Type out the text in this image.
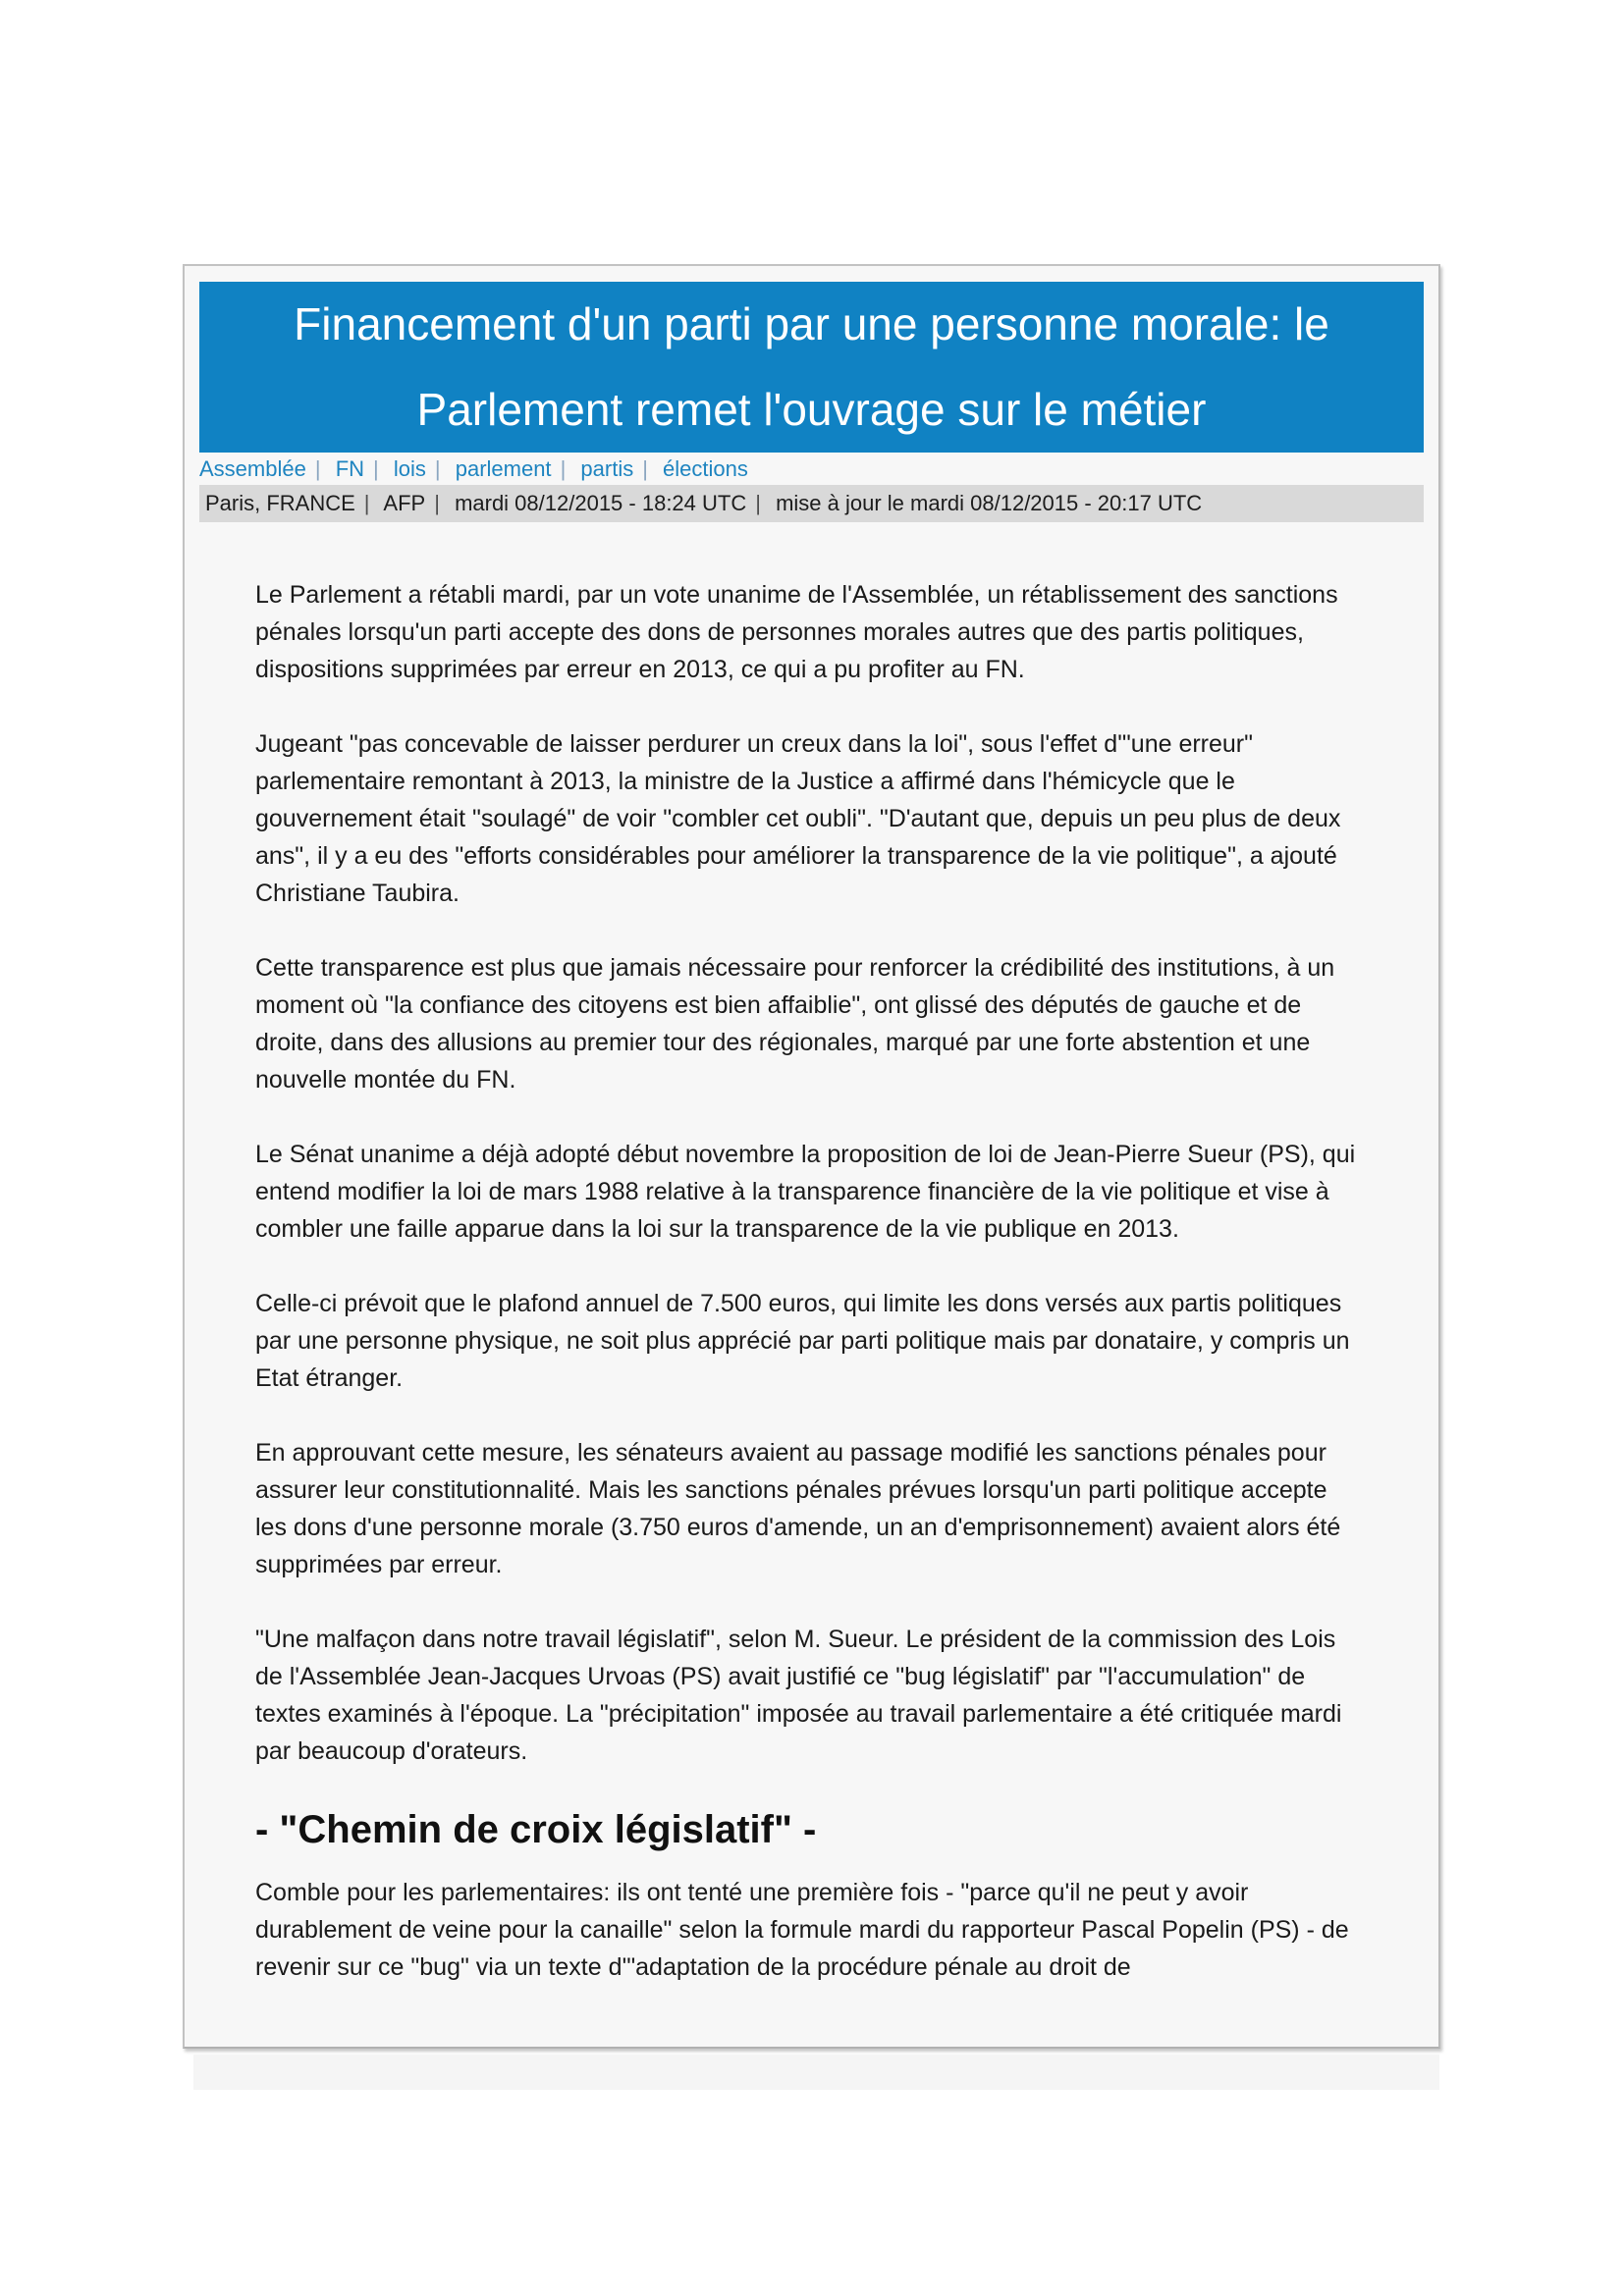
Financement d'un parti par une personne morale: le Parlement remet l'ouvrage sur le métier
Assemblée | FN | lois | parlement | partis | élections
Paris, FRANCE | AFP | mardi 08/12/2015 - 18:24 UTC | mise à jour le mardi 08/12/2015 - 20:17 UTC

Le Parlement a rétabli mardi, par un vote unanime de l'Assemblée, un rétablissement des sanctions pénales lorsqu'un parti accepte des dons de personnes morales autres que des partis politiques, dispositions supprimées par erreur en 2013, ce qui a pu profiter au FN.

Jugeant "pas concevable de laisser perdurer un creux dans la loi", sous l'effet d'"une erreur" parlementaire remontant à 2013, la ministre de la Justice a affirmé dans l'hémicycle que le gouvernement était "soulagé" de voir "combler cet oubli". "D'autant que, depuis un peu plus de deux ans", il y a eu des "efforts considérables pour améliorer la transparence de la vie politique", a ajouté Christiane Taubira.

Cette transparence est plus que jamais nécessaire pour renforcer la crédibilité des institutions, à un moment où "la confiance des citoyens est bien affaiblie", ont glissé des députés de gauche et de droite, dans des allusions au premier tour des régionales, marqué par une forte abstention et une nouvelle montée du FN.

Le Sénat unanime a déjà adopté début novembre la proposition de loi de Jean-Pierre Sueur (PS), qui entend modifier la loi de mars 1988 relative à la transparence financière de la vie politique et vise à combler une faille apparue dans la loi sur la transparence de la vie publique en 2013.

Celle-ci prévoit que le plafond annuel de 7.500 euros, qui limite les dons versés aux partis politiques par une personne physique, ne soit plus apprécié par parti politique mais par donataire, y compris un Etat étranger.

En approuvant cette mesure, les sénateurs avaient au passage modifié les sanctions pénales pour assurer leur constitutionnalité. Mais les sanctions pénales prévues lorsqu'un parti politique accepte les dons d'une personne morale (3.750 euros d'amende, un an d'emprisonnement) avaient alors été supprimées par erreur.

"Une malfaçon dans notre travail législatif", selon M. Sueur. Le président de la commission des Lois de l'Assemblée Jean-Jacques Urvoas (PS) avait justifié ce "bug législatif" par "l'accumulation" de textes examinés à l'époque. La "précipitation" imposée au travail parlementaire a été critiquée mardi par beaucoup d'orateurs.

- "Chemin de croix législatif" -

Comble pour les parlementaires: ils ont tenté une première fois - "parce qu'il ne peut y avoir durablement de veine pour la canaille" selon la formule mardi du rapporteur Pascal Popelin (PS) - de revenir sur ce "bug" via un texte d'"adaptation de la procédure pénale au droit de
